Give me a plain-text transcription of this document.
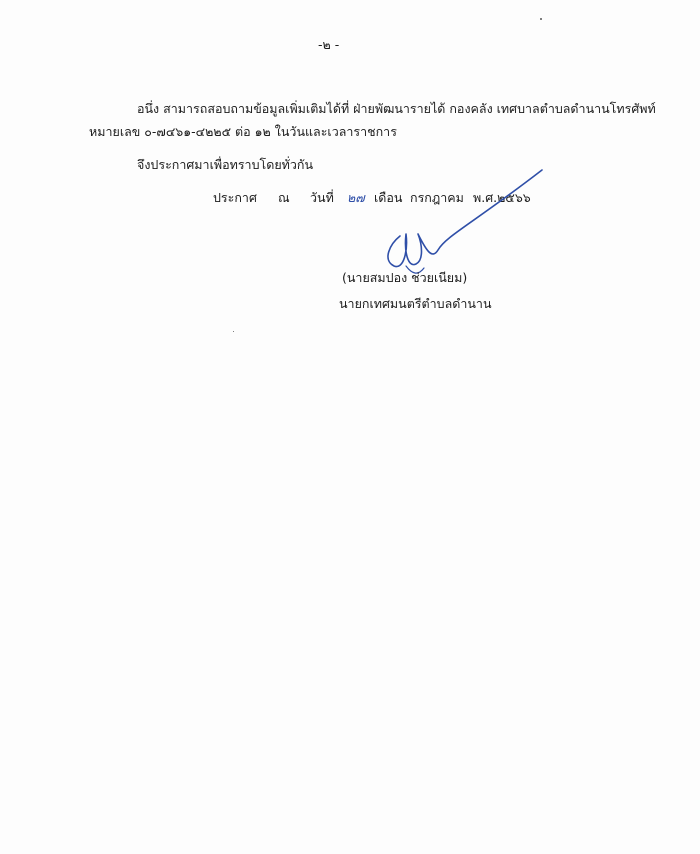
-๒ -
อนึ่ง สามารถสอบถามข้อมูลเพิ่มเติมได้ที่ ฝ่ายพัฒนารายได้ กองคลัง เทศบาลตำบลดำนานโทรศัพท์
หมายเลข ๐-๗๔๖๑-๔๒๒๕ ต่อ ๑๒ ในวันและเวลาราชการ
จึงประกาศมาเพื่อทราบโดยทั่วกัน
ประกาศ ณ วันที่ ๒๗ เดือน กรกฎาคม พ.ศ.๒๕๖๖
(นายสมปอง ช่วยเนียม)
นายกเทศมนตรีตำบลดำนาน
